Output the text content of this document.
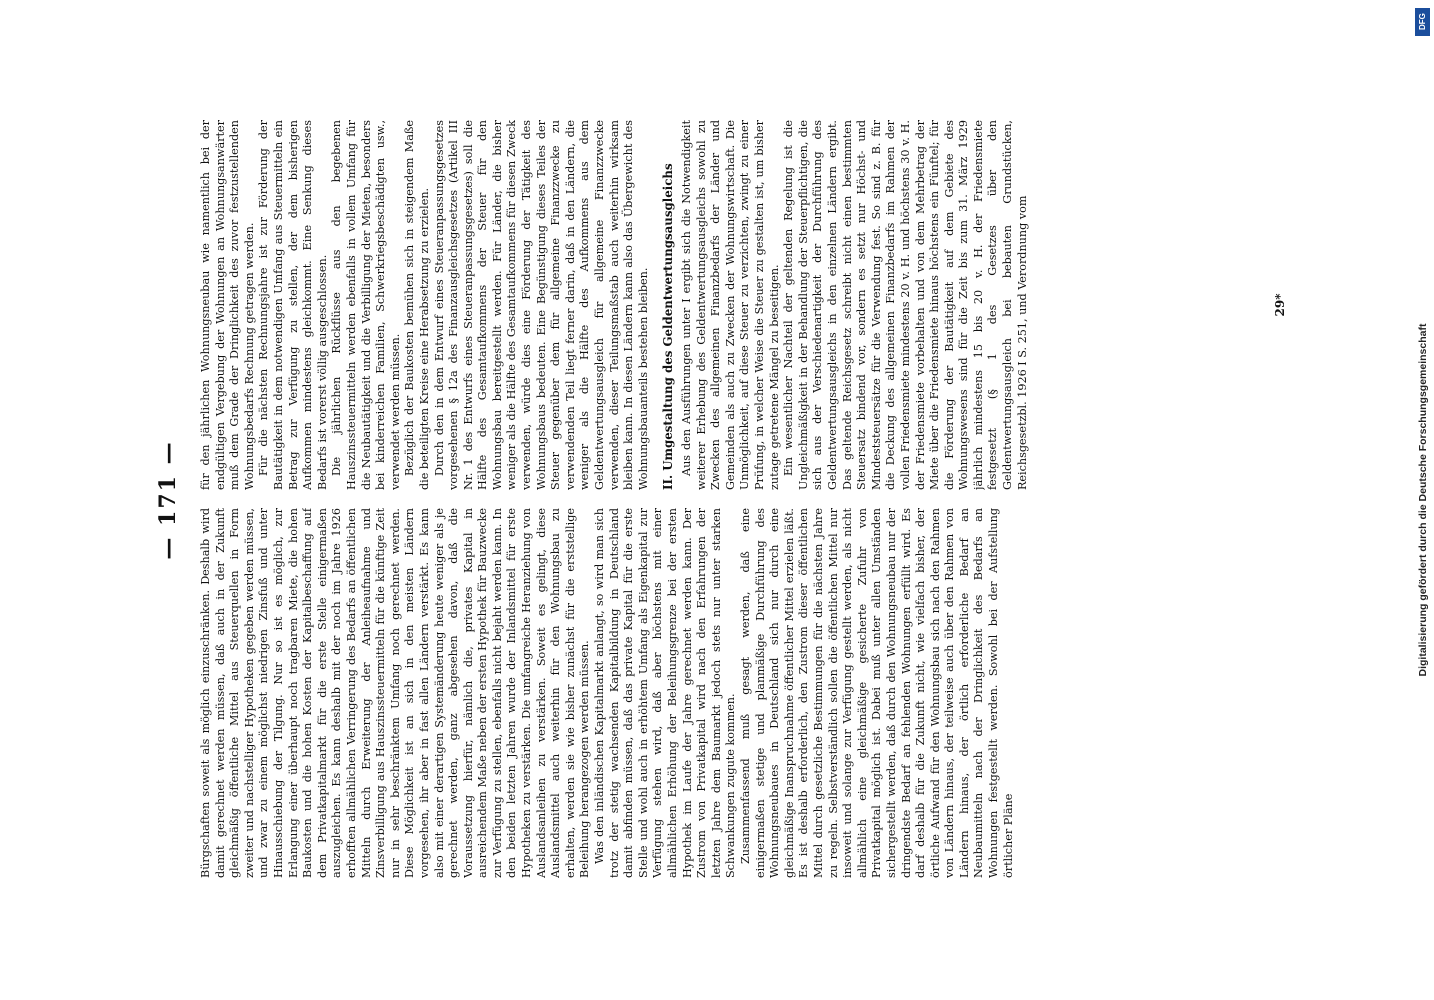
— 171 —

Bürgschaften soweit als möglich einzuschränken. Deshalb wird damit gerechnet werden müssen, daß auch in der Zukunft gleichmäßig öffentliche Mittel aus Steuerquellen in Form zweiter und nachstelliger Hypotheken gegeben werden müssen, und zwar zu einem möglichst niedrigen Zinsfuß und unter Hinausschiebung der Tilgung. Nur so ist es möglich, zur Erlangung einer überhaupt noch tragbaren Miete, die hohen Baukosten und die hohen Kosten der Kapitalbeschaffung auf dem Privatkapitalmarkt für die erste Stelle einigermaßen auszugleichen. Es kann deshalb mit der noch im Jahre 1926 erhofften allmählichen Verringerung des Bedarfs an öffentlichen Mitteln durch Erweiterung der Anleiheaufnahme und Zinsverbilligung aus Hauszinssteuermitteln für die künftige Zeit nur in sehr beschränktem Umfang noch gerechnet werden. Diese Möglichkeit ist an sich in den meisten Ländern vorgesehen, ihr aber in fast allen Ländern verstärkt. Es kann also mit einer derartigen Systemänderung heute weniger als je gerechnet werden, ganz abgesehen davon, daß die Voraussetzung hierfür, nämlich die, privates Kapital in ausreichendem Maße neben der ersten Hypothek für Bauzwecke zur Verfügung zu stellen, ebenfalls nicht bejaht werden kann. In den beiden letzten Jahren wurde der Inlandsmittel für erste Hypotheken zu verstärken. Die umfangreiche Heranziehung von Auslandsanleihen zu verstärken. Soweit es gelingt, diese Auslandsmittel auch weiterhin für den Wohnungsbau zu erhalten, werden sie wie bisher zunächst für die erststellige Beleihung herangezogen werden müssen. Was den inländischen Kapitalmarkt anlangt, so wird man sich trotz der stetig wachsenden Kapitalbildung in Deutschland damit abfinden müssen, daß das private Kapital für die erste Stelle und wohl auch in erhöhtem Umfang als Eigenkapital zur Verfügung stehen wird, daß aber höchstens mit einer allmählichen Erhöhung der Beleihungsgrenze bei der ersten Hypothek im Laufe der Jahre gerechnet werden kann. Der Zustrom von Privatkapital wird nach den Erfahrungen der letzten Jahre dem Baumarkt jedoch stets nur unter starken Schwankungen zugute kommen. Zusammenfassend muß gesagt werden, daß eine einigermaßen stetige und planmäßige Durchführung des Wohnungsneubaues in Deutschland sich nur durch eine gleichmäßige Inanspruchnahme öffentlicher Mittel erzielen läßt. Es ist deshalb erforderlich, den Zustrom dieser öffentlichen Mittel durch gesetzliche Bestimmungen für die nächsten Jahre zu regeln. Selbstverständlich sollen die öffentlichen Mittel nur insoweit und solange zur Verfügung gestellt werden, als nicht allmählich eine gleichmäßige gesicherte Zufuhr von Privatkapital möglich ist. Dabei muß unter allen Umständen sichergestellt werden, daß durch den Wohnungsneubau nur der dringendste Bedarf an fehlenden Wohnungen erfüllt wird. Es darf deshalb für die Zukunft nicht, wie vielfach bisher, der örtliche Aufwand für den Wohnungsbau sich nach den Rahmen von Ländern hinaus, der teilweise auch über den Rahmen von Ländern hinaus, der örtlich erforderliche Bedarf an Neubaumitteln nach der Dringlichkeit des Bedarfs an Wohnungen festgestellt werden. Sowohl bei der Aufstellung örtlicher Pläne

für den jährlichen Wohnungsneubau wie namentlich bei der endgültigen Vergebung der Wohnungen an Wohnungsanwärter muß dem Grade der Dringlichkeit des zuvor festzustellenden Wohnungsbedarfs Rechnung getragen werden. Für die nächsten Rechnungsjahre ist zur Förderung der Bautätigkeit in dem notwendigen Umfang aus Steuermitteln ein Betrag zur Verfügung zu stellen, der dem bisherigen Aufkommen mindestens gleichkommt. Eine Senkung dieses Bedarfs ist vorerst völlig ausgeschlossen. Die jährlichen Rückflüsse aus den begebenen Hauszinssteuermitteln werden ebenfalls in vollem Umfang für die Neubautätigkeit und die Verbilligung der Mieten, besonders bei kinderreichen Familien, Schwerkriegsbeschädigten usw., verwendet werden müssen. Bezüglich der Baukosten bemühen sich in steigendem Maße die beteiligten Kreise eine Herabsetzung zu erzielen. Durch den in dem Entwurf eines Steueranpassungsgesetzes vorgesehenen § 12a des Finanzausgleichsgesetzes (Artikel III Nr. 1 des Entwurfs eines Steueranpassungsgesetzes) soll die Hälfte des Gesamtaufkommens der Steuer für den Wohnungsbau bereitgestellt werden. Für Länder, die bisher weniger als die Hälfte des Gesamtaufkommens für diesen Zweck verwenden, würde dies eine Förderung der Tätigkeit des Wohnungsbaus bedeuten. Eine Begünstigung dieses Teiles der Steuer gegenüber dem für allgemeine Finanzzwecke zu verwendenden Teil liegt ferner darin, daß in den Ländern, die weniger als die Hälfte des Aufkommens aus dem Geldentwertungsausgleich für allgemeine Finanzzwecke verwenden, dieser Teilungsmaßstab auch weiterhin wirksam bleiben kann. In diesen Ländern kann also das Übergewicht des Wohnungsbauanteils bestehen bleiben. II. Umgestaltung des Geldentwertungsausgleichs Aus den Ausführungen unter I ergibt sich die Notwendigkeit weiterer Erhebung des Geldentwertungsausgleichs sowohl zu Zwecken des allgemeinen Finanzbedarfs der Länder und Gemeinden als auch zu Zwecken der Wohnungswirtschaft. Die Unmöglichkeit, auf diese Steuer zu verzichten, zwingt zu einer Prüfung, in welcher Weise die Steuer zu gestalten ist, um bisher zutage getretene Mängel zu beseitigen. Ein wesentlicher Nachteil der geltenden Regelung ist die Ungleichmäßigkeit in der Behandlung der Steuerpflichtigen, die sich aus der Verschiedenartigkeit der Durchführung des Geldentwertungsausgleichs in den einzelnen Ländern ergibt. Das geltende Reichsgesetz schreibt nicht einen bestimmten Steuersatz bindend vor, sondern es setzt nur Höchst- und Mindeststeuersätze für die Verwendung fest. So sind z. B. für die Deckung des allgemeinen Finanzbedarfs im Rahmen der vollen Friedensmiete mindestens 20 v. H. und höchstens 30 v. H. der Friedensmiete vorbehalten und von dem Mehrbetrag der Miete über die Friedensmiete hinaus höchstens ein Fünftel; für die Förderung der Bautätigkeit auf dem Gebiete des Wohnungswesens sind für die Zeit bis zum 31. März 1929 jährlich mindestens 15 bis 20 v. H. der Friedensmiete festgesetzt (§ 1 des Gesetzes über den Geldentwertungsausgleich bei bebauten Grundstücken, Reichsgesetzbl. 1926 I S. 251, und Verordnung vom	29*
DFG
Digitalisierung gefördert durch die Deutsche Forschungsgemeinschaft
